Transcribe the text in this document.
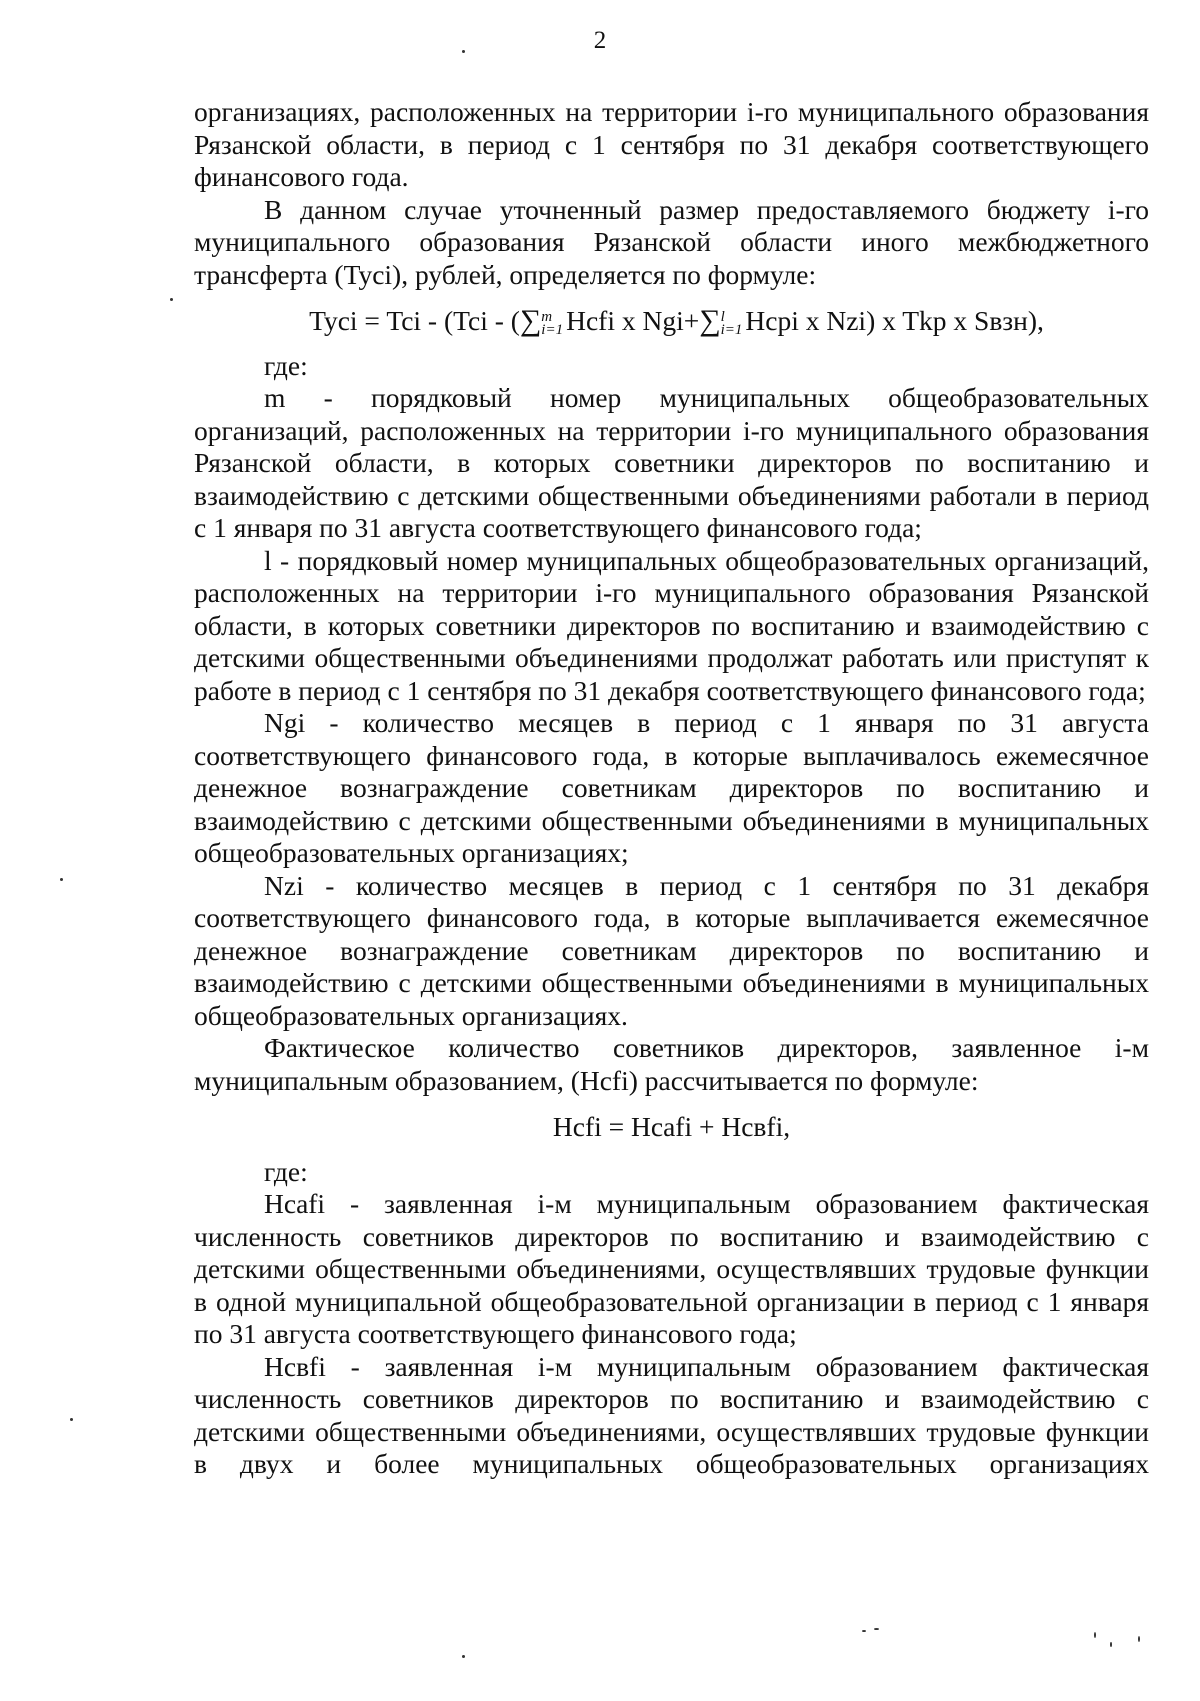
2

организациях, расположенных на территории i-го муниципального образования Рязанской области, в период с 1 сентября по 31 декабря соответствующего финансового года.

В данном случае уточненный размер предоставляемого бюджету i-го муниципального образования Рязанской области иного межбюджетного трансферта (Tyci), рублей, определяется по формуле:

Tyci = Tci - (Tci - (∑ m
i=1 Hcfi x Ngi+∑ l
i=1 Hcpi x Nzi) x Tkp x Sвзн),

где:

m - порядковый номер муниципальных общеобразовательных организаций, расположенных на территории i-го муниципального образования Рязанской области, в которых советники директоров по воспитанию и взаимодействию с детскими общественными объединениями работали в период с 1 января по 31 августа соответствующего финансового года;

l - порядковый номер муниципальных общеобразовательных организаций, расположенных на территории i-го муниципального образования Рязанской области, в которых советники директоров по воспитанию и взаимодействию с детскими общественными объединениями продолжат работать или приступят к работе в период с 1 сентября по 31 декабря соответствующего финансового года;

Ngi - количество месяцев в период с 1 января по 31 августа соответствующего финансового года, в которые выплачивалось ежемесячное денежное вознаграждение советникам директоров по воспитанию и взаимодействию с детскими общественными объединениями в муниципальных общеобразовательных организациях;

Nzi - количество месяцев в период с 1 сентября по 31 декабря соответствующего финансового года, в которые выплачивается ежемесячное денежное вознаграждение советникам директоров по воспитанию и взаимодействию с детскими общественными объединениями в муниципальных общеобразовательных организациях.

Фактическое количество советников директоров, заявленное i-м муниципальным образованием, (Hcfi) рассчитывается по формуле:

Hcfi = Hcafi + Hcвfi,

где:

Hcafi - заявленная i-м муниципальным образованием фактическая численность советников директоров по воспитанию и взаимодействию с детскими общественными объединениями, осуществлявших трудовые функции в одной муниципальной общеобразовательной организации в период с 1 января по 31 августа соответствующего финансового года;

Hcвfi - заявленная i-м муниципальным образованием фактическая численность советников директоров по воспитанию и взаимодействию с детскими общественными объединениями, осуществлявших трудовые функции в двух и более муниципальных общеобразовательных организациях
